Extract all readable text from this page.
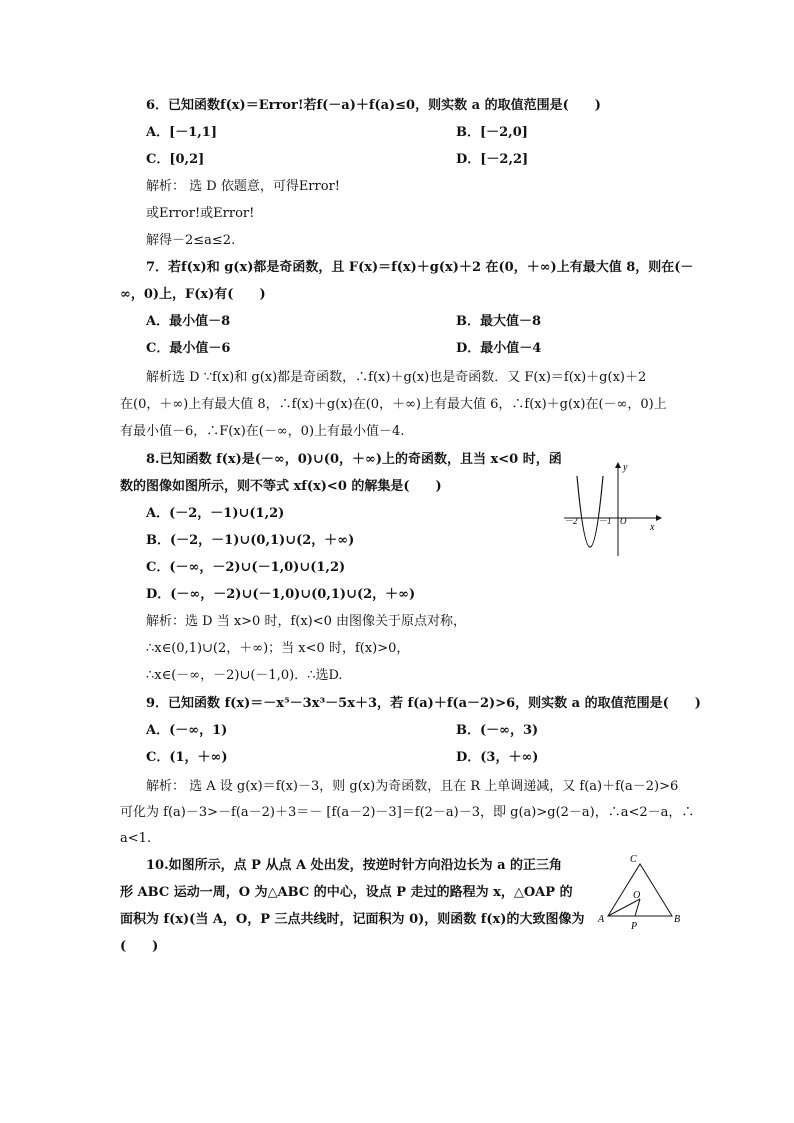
6．已知函数f(x)＝Error!若f(－a)＋f(a)≤0，则实数 a 的取值范围是(　　)
A．[－1,1]	B．[－2,0]
C．[0,2]	D．[－2,2]
解析： 选 D 依题意，可得Error!
或Error!或Error!
解得－2≤a≤2.
7．若f(x)和 g(x)都是奇函数，且 F(x)＝f(x)＋g(x)＋2 在(0，＋∞)上有最大值 8，则在(－
∞，0)上，F(x)有(　　)
A．最小值－8	B．最大值－8
C．最小值－6	D．最小值－4
解析选 D ∵f(x)和 g(x)都是奇函数，∴f(x)＋g(x)也是奇函数．又 F(x)＝f(x)＋g(x)＋2
在(0，＋∞)上有最大值 8，∴f(x)＋g(x)在(0，＋∞)上有最大值 6，∴f(x)＋g(x)在(－∞，0)上
有最小值－6，∴F(x)在(－∞，0)上有最小值－4.
8.已知函数 f(x)是(－∞，0)∪(0，＋∞)上的奇函数，且当 x<0 时，函
数的图像如图所示，则不等式 xf(x)<0 的解集是(　　)
A．(－2，－1)∪(1,2)
B．(－2，－1)∪(0,1)∪(2，＋∞)
C．(－∞，－2)∪(－1,0)∪(1,2)
D．(－∞，－2)∪(－1,0)∪(0,1)∪(2，＋∞)
解析：选 D 当 x>0 时，f(x)<0 由图像关于原点对称，
∴x∈(0,1)∪(2，＋∞)；当 x<0 时，f(x)>0，
∴x∈(－∞，－2)∪(－1,0)．∴选D.
y
x
－2 －1 O
9．已知函数 f(x)＝－x⁵－3x³－5x＋3，若 f(a)＋f(a－2)>6，则实数 a 的取值范围是(　　)
A．(－∞，1)	B．(－∞，3)
C．(1，＋∞)	D．(3，＋∞)
解析： 选 A 设 g(x)＝f(x)－3，则 g(x)为奇函数，且在 R 上单调递减，又 f(a)＋f(a－2)>6
可化为 f(a)－3>－f(a－2)＋3＝－ [f(a－2)－3]＝f(2－a)－3，即 g(a)>g(2－a)，∴a<2－a，∴
a<1.
10.如图所示，点 P 从点 A 处出发，按逆时针方向沿边长为 a 的正三角
形 ABC 运动一周，O 为△ABC 的中心，设点 P 走过的路程为 x，△OAP 的
面积为 f(x)(当 A，O，P 三点共线时，记面积为 0)，则函数 f(x)的大致图像为
(　　)
C
A	B
O
P
